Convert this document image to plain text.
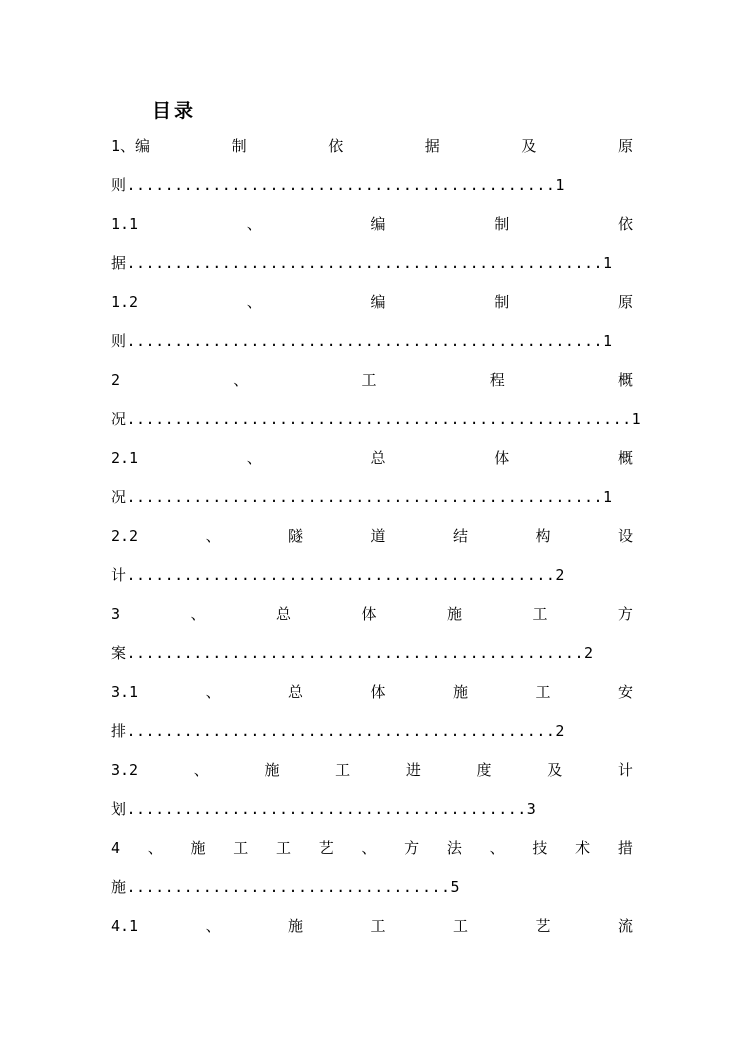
目录
1、编	制	依	据	及	原
则.............................................1
1.1	、	编	制	依
据..................................................1
1.2	、	编	制	原
则..................................................1
2	、	工	程	概
况.....................................................1
2.1	、	总	体	概
况..................................................1
2.2	、	隧	道	结	构	设
计.............................................2
3	、	总	体	施	工	方
案................................................2
3.1	、	总	体	施	工	安
排.............................................2
3.2	、	施	工	进	度	及	计
划..........................................3
4 、 施 工 工 艺 、 方 法 、 技 术 措
施..................................5
4.1	、	施	工	工	艺	流
